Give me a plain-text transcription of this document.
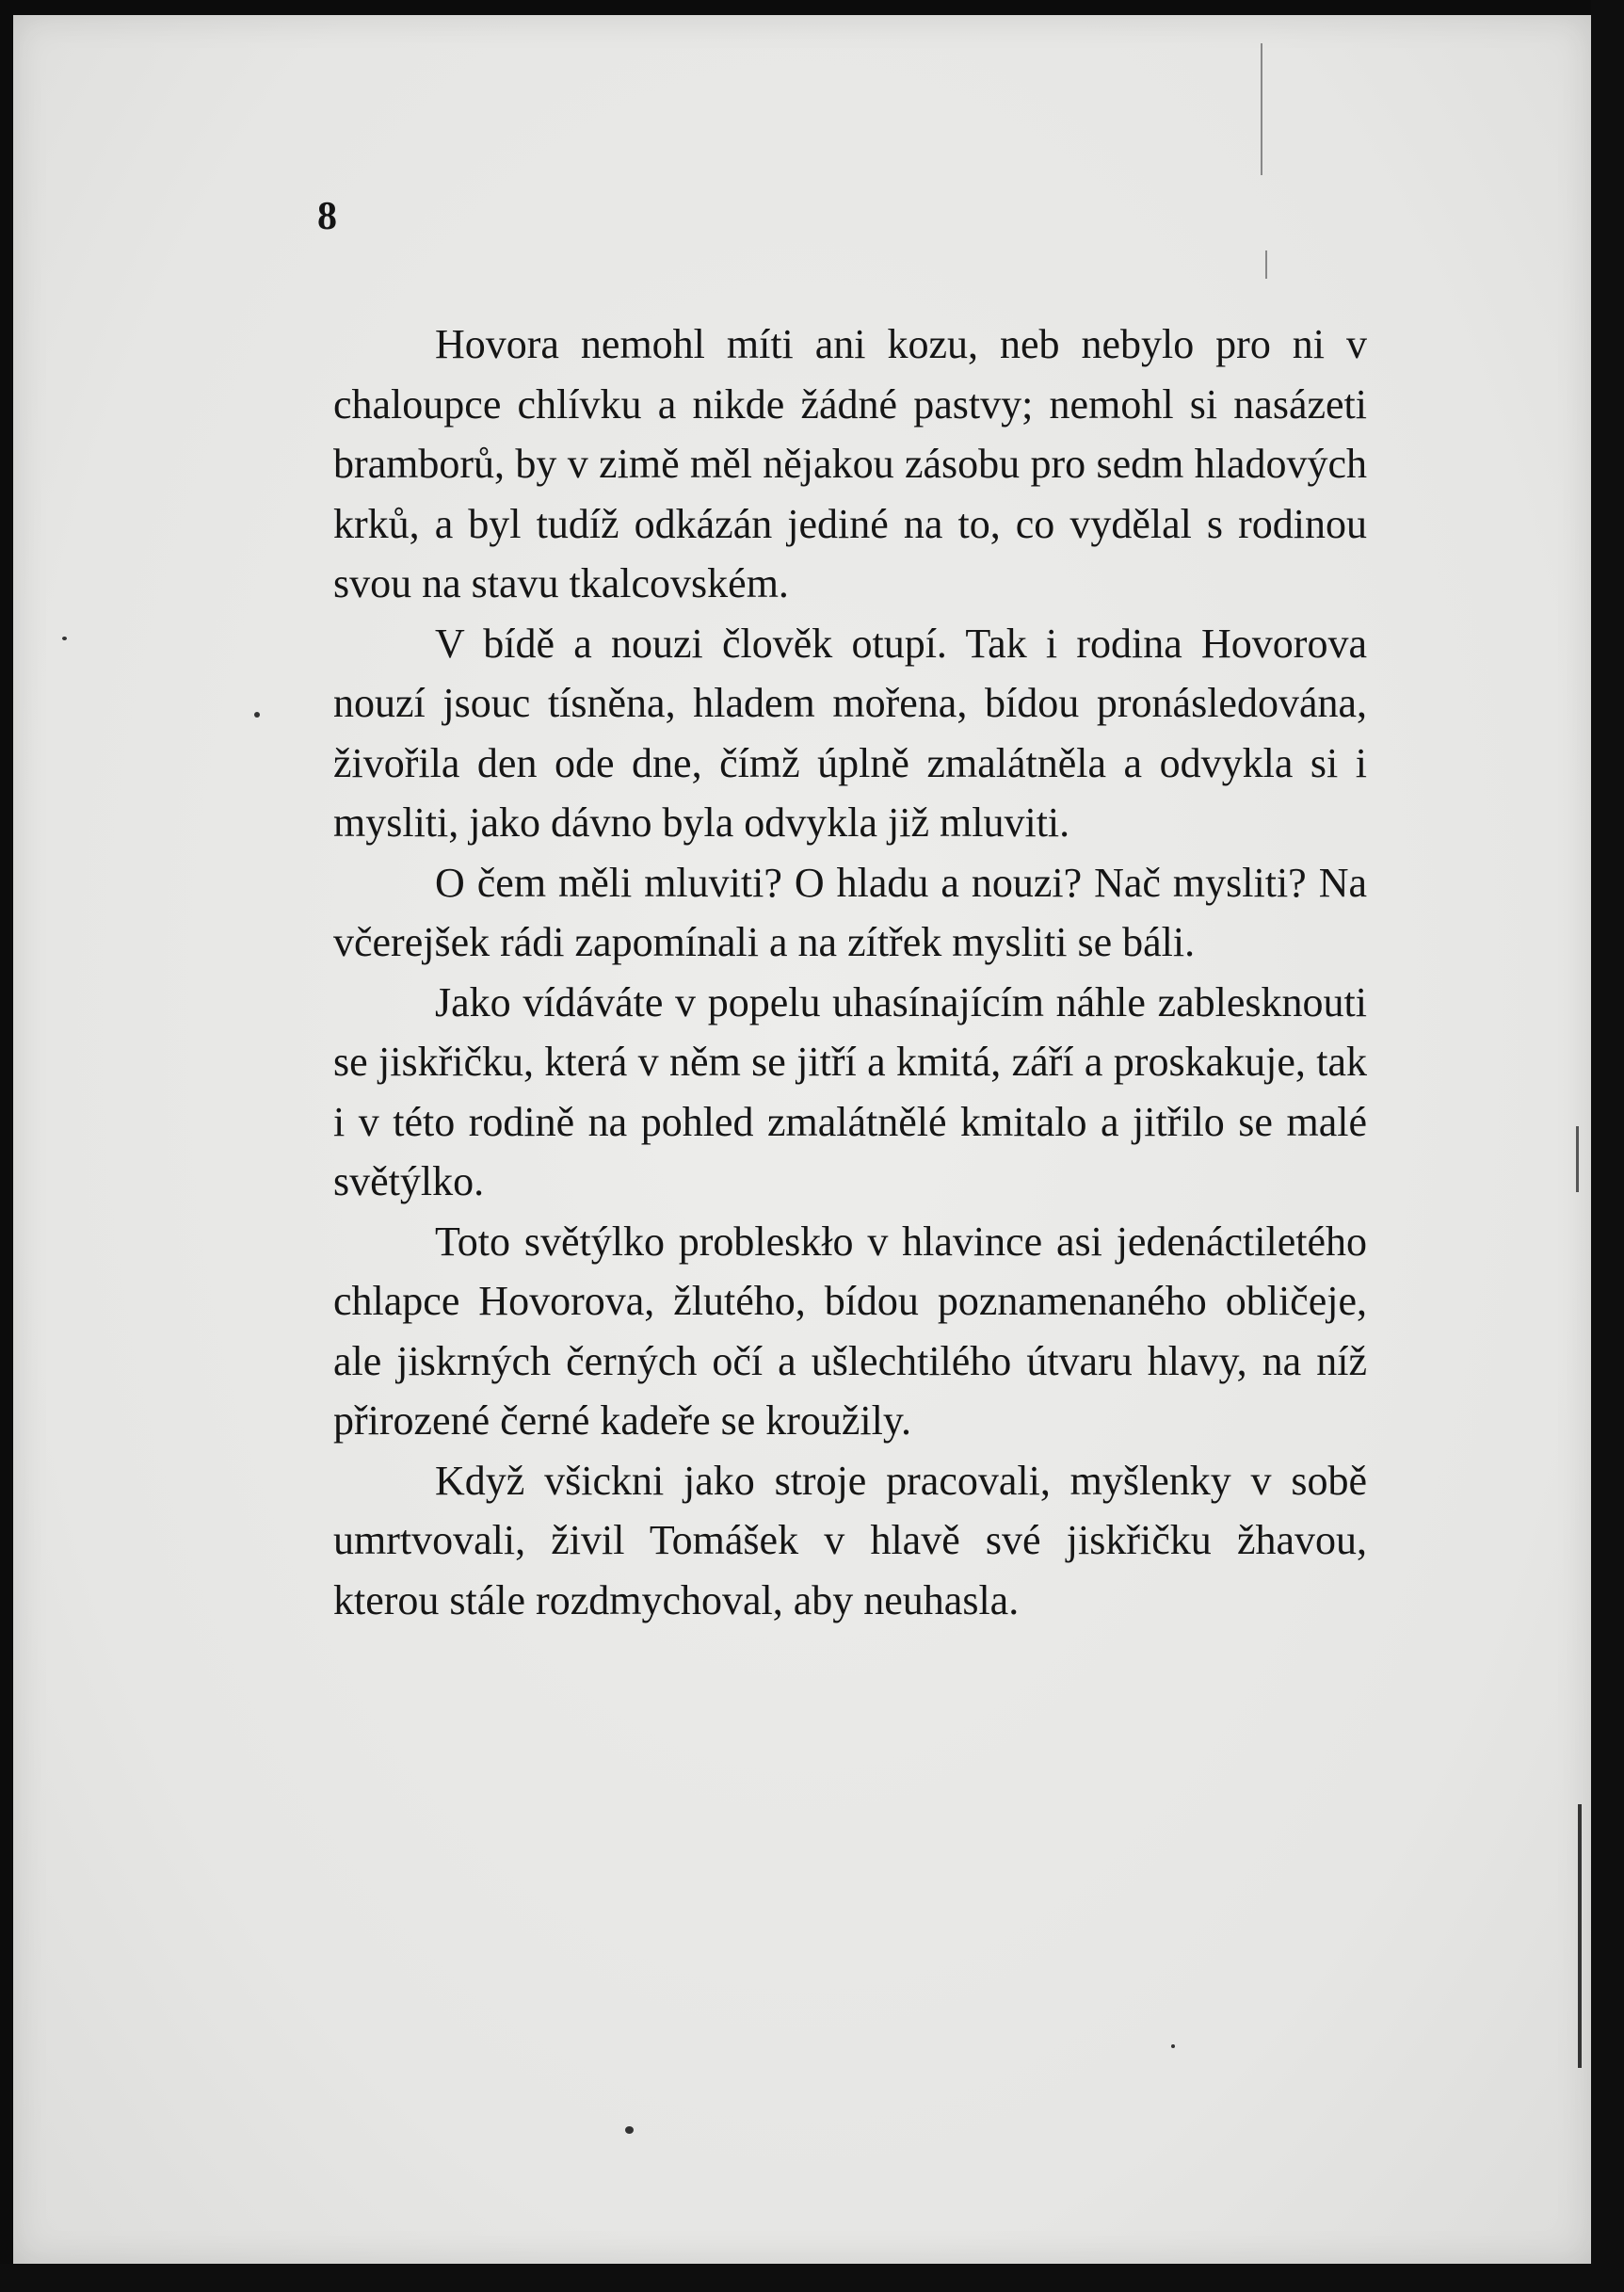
8

Hovora nemohl míti ani kozu, neb nebylo pro ni v chaloupce chlívku a nikde žádné pastvy; nemohl si nasázeti bramborů, by v zimě měl nějakou zásobu pro sedm hladových krků, a byl tudíž odkázán jediné na to, co vydělal s rodinou svou na stavu tkalcovském.

V bídě a nouzi člověk otupí. Tak i rodina Hovorova nouzí jsouc tísněna, hladem mořena, bídou pronásledována, živořila den ode dne, čímž úplně zmalátněla a odvykla si i mysliti, jako dávno byla odvykla již mluviti.

O čem měli mluviti? O hladu a nouzi? Nač mysliti? Na včerejšek rádi zapomínali a na zítřek mysliti se báli.

Jako vídáváte v popelu uhasínajícím náhle zablesknouti se jiskřičku, která v něm se jitří a kmitá, září a proskakuje, tak i v této rodině na pohled zmalátnělé kmitalo a jitřilo se malé světýlko.

Toto světýlko probleskło v hlavince asi jedenáctiletého chlapce Hovorova, žlutého, bídou poznamenaného obličeje, ale jiskrných černých očí a ušlechtilého útvaru hlavy, na níž přirozené černé kadeře se kroužily.

Když všickni jako stroje pracovali, myšlenky v sobě umrtvovali, živil Tomášek v hlavě své jiskřičku žhavou, kterou stále rozdmychoval, aby neuhasla.
